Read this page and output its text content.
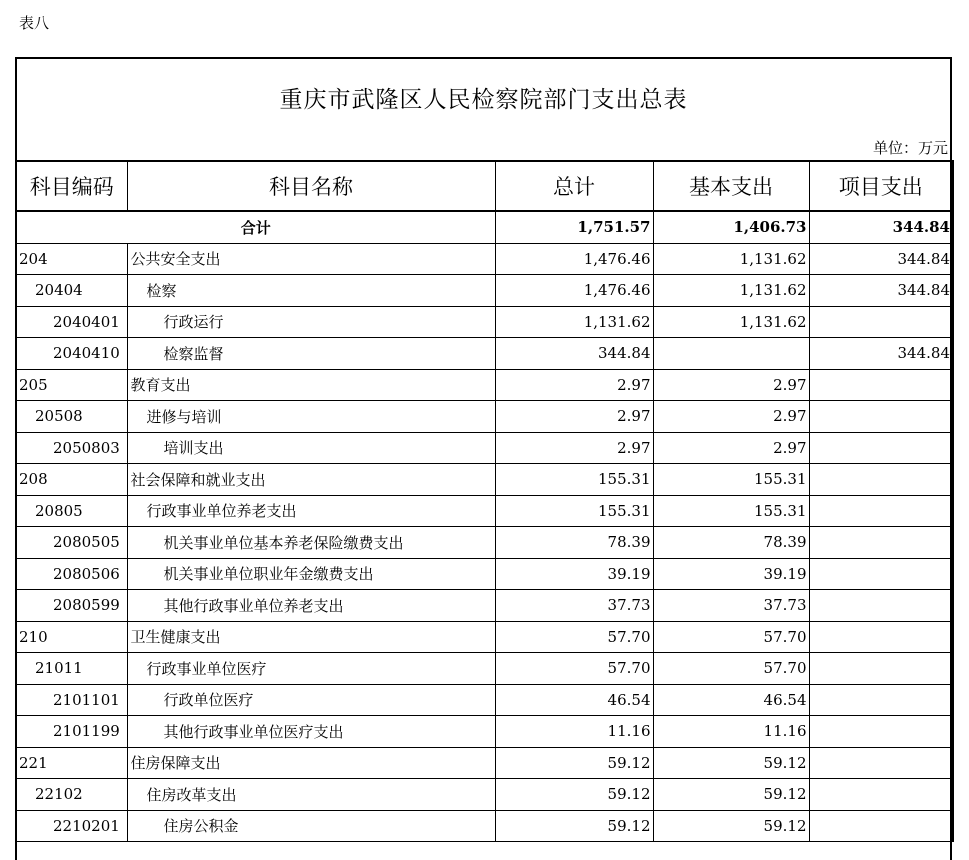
表八
重庆市武隆区人民检察院部门支出总表
单位：万元
科目编码	科目名称	总计	基本支出	项目支出
合计		1,751.57	1,406.73	344.84
204	公共安全支出	1,476.46	1,131.62	344.84
20404	检察	1,476.46	1,131.62	344.84
2040401	行政运行	1,131.62	1,131.62	
2040410	检察监督	344.84		344.84
205	教育支出	2.97	2.97	
20508	进修与培训	2.97	2.97	
2050803	培训支出	2.97	2.97	
208	社会保障和就业支出	155.31	155.31	
20805	行政事业单位养老支出	155.31	155.31	
2080505	机关事业单位基本养老保险缴费支出	78.39	78.39	
2080506	机关事业单位职业年金缴费支出	39.19	39.19	
2080599	其他行政事业单位养老支出	37.73	37.73	
210	卫生健康支出	57.70	57.70	
21011	行政事业单位医疗	57.70	57.70	
2101101	行政单位医疗	46.54	46.54	
2101199	其他行政事业单位医疗支出	11.16	11.16	
221	住房保障支出	59.12	59.12	
22102	住房改革支出	59.12	59.12	
2210201	住房公积金	59.12	59.12	
